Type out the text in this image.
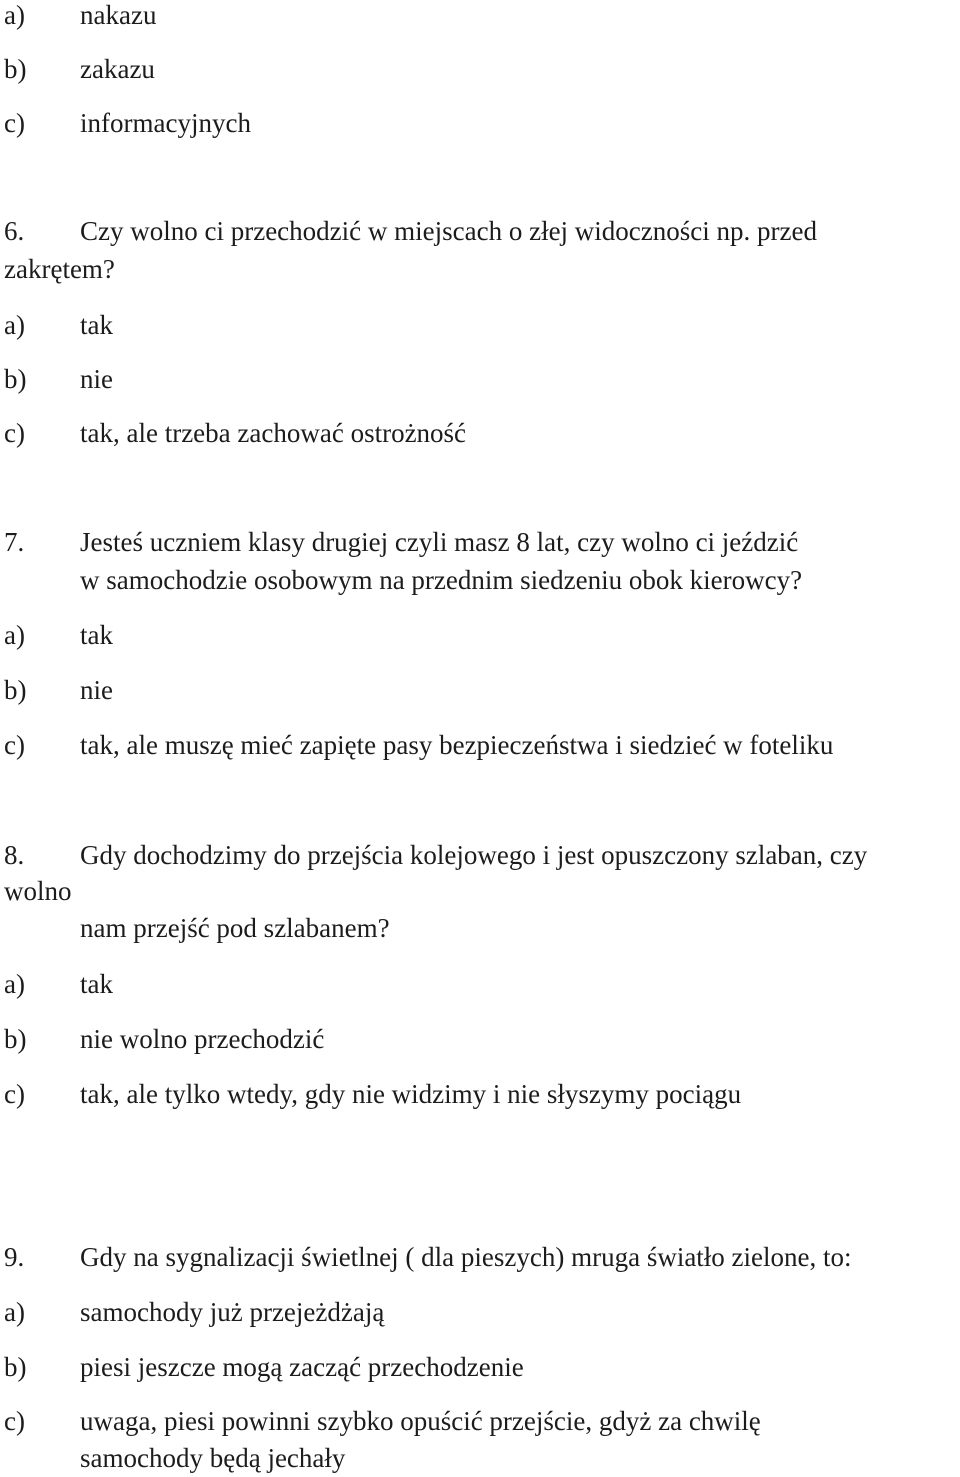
a) nakazu
b) zakazu
c) informacyjnych
6. Czy wolno ci przechodzić w miejscach o złej widoczności np. przed
zakrętem?
a) tak
b) nie
c) tak, ale trzeba zachować ostrożność
7. Jesteś uczniem klasy drugiej czyli masz 8 lat, czy wolno ci jeździć
w samochodzie osobowym na przednim siedzeniu obok kierowcy?
a) tak
b) nie
c) tak, ale muszę mieć zapięte pasy bezpieczeństwa i siedzieć w foteliku
8. Gdy dochodzimy do przejścia kolejowego i jest opuszczony szlaban, czy
wolno
nam przejść pod szlabanem?
a) tak
b) nie wolno przechodzić
c) tak, ale tylko wtedy, gdy nie widzimy i nie słyszymy pociągu
9. Gdy na sygnalizacji świetlnej ( dla pieszych) mruga światło zielone, to:
a) samochody już przejeżdżają
b) piesi jeszcze mogą zacząć przechodzenie
c) uwaga, piesi powinni szybko opuścić przejście, gdyż za chwilę
samochody będą jechały
